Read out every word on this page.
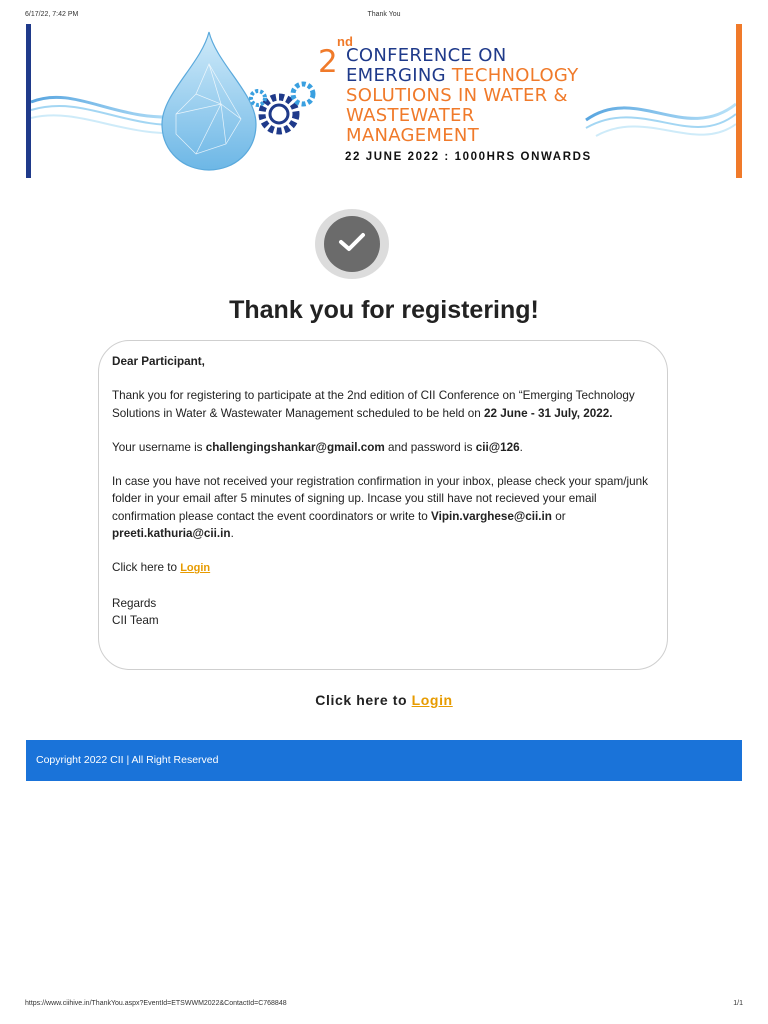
6/17/22, 7:42 PM	Thank You
2
nd
CONFERENCE ON
EMERGING TECHNOLOGY
SOLUTIONS IN WATER &
WASTEWATER
MANAGEMENT
22 JUNE 2022 : 1000HRS ONWARDS
Thank you for registering!

Dear Participant,

Thank you for registering to participate at the 2nd edition of CII Conference on “Emerging Technology Solutions in Water & Wastewater Management scheduled to be held on 22 June - 31 July, 2022.

Your username is challengingshankar@gmail.com and password is cii@126.

In case you have not received your registration confirmation in your inbox, please check your spam/junk folder in your email after 5 minutes of signing up. Incase you still have not recieved your email confirmation please contact the event coordinators or write to Vipin.varghese@cii.in or preeti.kathuria@cii.in.

Click here to Login

Regards

CII Team

Click here to Login
Copyright 2022 CII | All Right Reserved
https://www.ciihive.in/ThankYou.aspx?EventId=ETSWWM2022&ContactId=C768848	1/1
